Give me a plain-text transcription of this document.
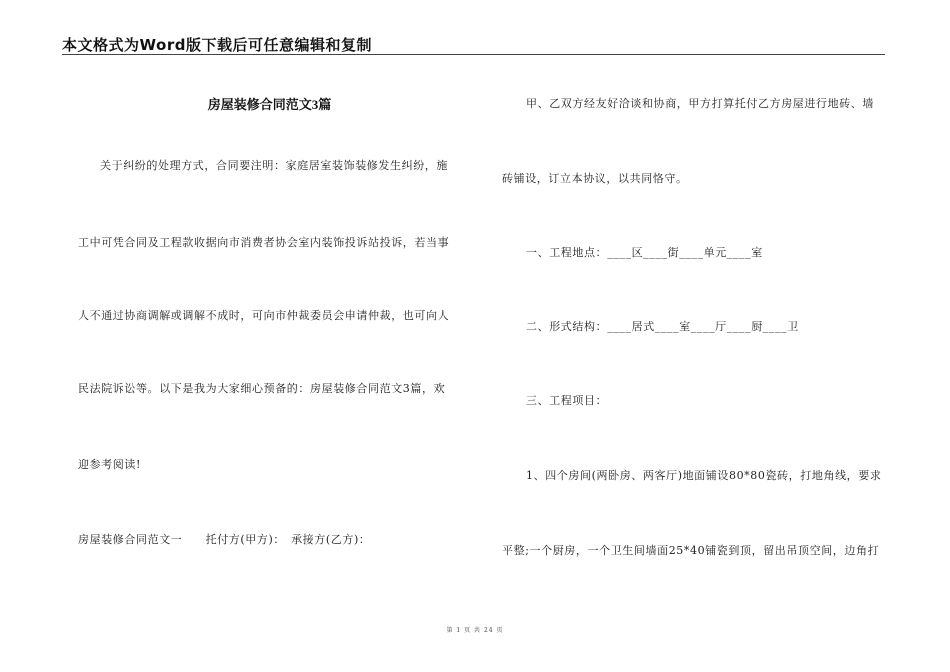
本文格式为Word版下载后可任意编辑和复制
房屋装修合同范文3篇
关于纠纷的处理方式，合同要注明：家庭居室装饰装修发生纠纷，施
工中可凭合同及工程款收据向市消费者协会室内装饰投诉站投诉，若当事
人不通过协商调解或调解不成时，可向市仲裁委员会申请仲裁，也可向人
民法院诉讼等。以下是我为大家细心预备的：房屋装修合同范文3篇，欢
迎参考阅读!
房屋装修合同范文一　　托付方(甲方)：　承接方(乙方)：
甲、乙双方经友好洽谈和协商，甲方打算托付乙方房屋进行地砖、墙
砖铺设，订立本协议，以共同恪守。
一、工程地点：____区____街____单元____室
二、形式结构：____居式____室____厅____厨____卫
三、工程项目：
1、四个房间(两卧房、两客厅)地面铺设80*80瓷砖，打地角线，要求
平整;一个厨房，一个卫生间墙面25*40铺瓷到顶，留出吊顶空间，边角打
第 1 页 共 24 页
